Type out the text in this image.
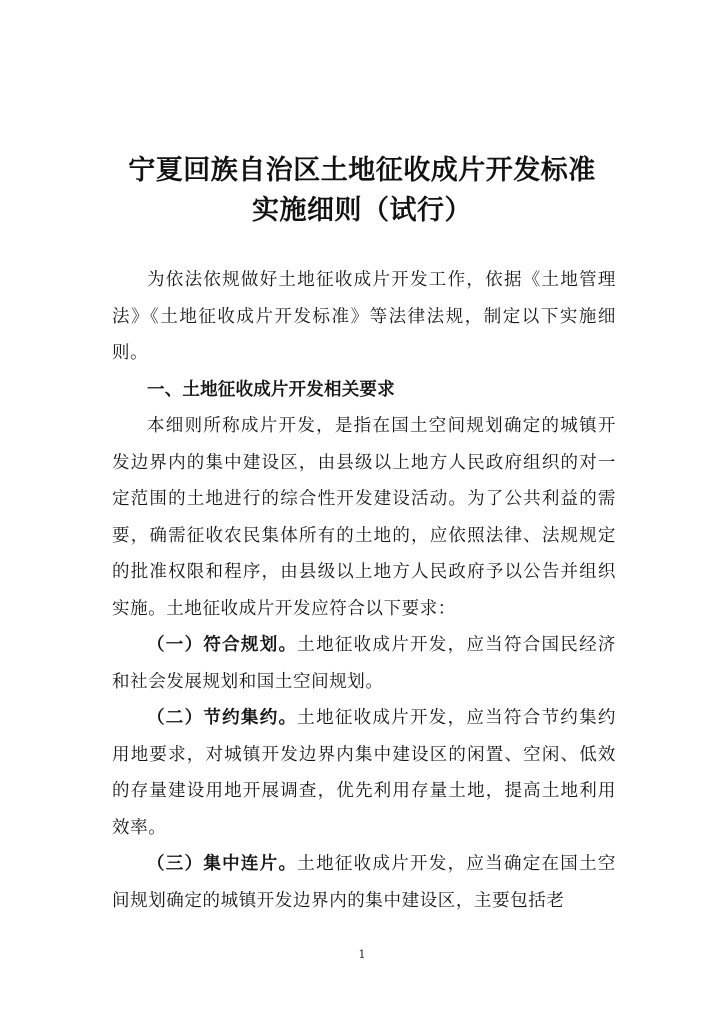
宁夏回族自治区土地征收成片开发标准
实施细则（试行）

为依法依规做好土地征收成片开发工作，依据《土地管理法》《土地征收成片开发标准》等法律法规，制定以下实施细则。

一、土地征收成片开发相关要求

本细则所称成片开发，是指在国土空间规划确定的城镇开发边界内的集中建设区，由县级以上地方人民政府组织的对一定范围的土地进行的综合性开发建设活动。为了公共利益的需要，确需征收农民集体所有的土地的，应依照法律、法规规定的批准权限和程序，由县级以上地方人民政府予以公告并组织实施。土地征收成片开发应符合以下要求：

（一）符合规划。土地征收成片开发，应当符合国民经济和社会发展规划和国土空间规划。

（二）节约集约。土地征收成片开发，应当符合节约集约用地要求，对城镇开发边界内集中建设区的闲置、空闲、低效的存量建设用地开展调查，优先利用存量土地，提高土地利用效率。

（三）集中连片。土地征收成片开发，应当确定在国土空间规划确定的城镇开发边界内的集中建设区，主要包括老

1
